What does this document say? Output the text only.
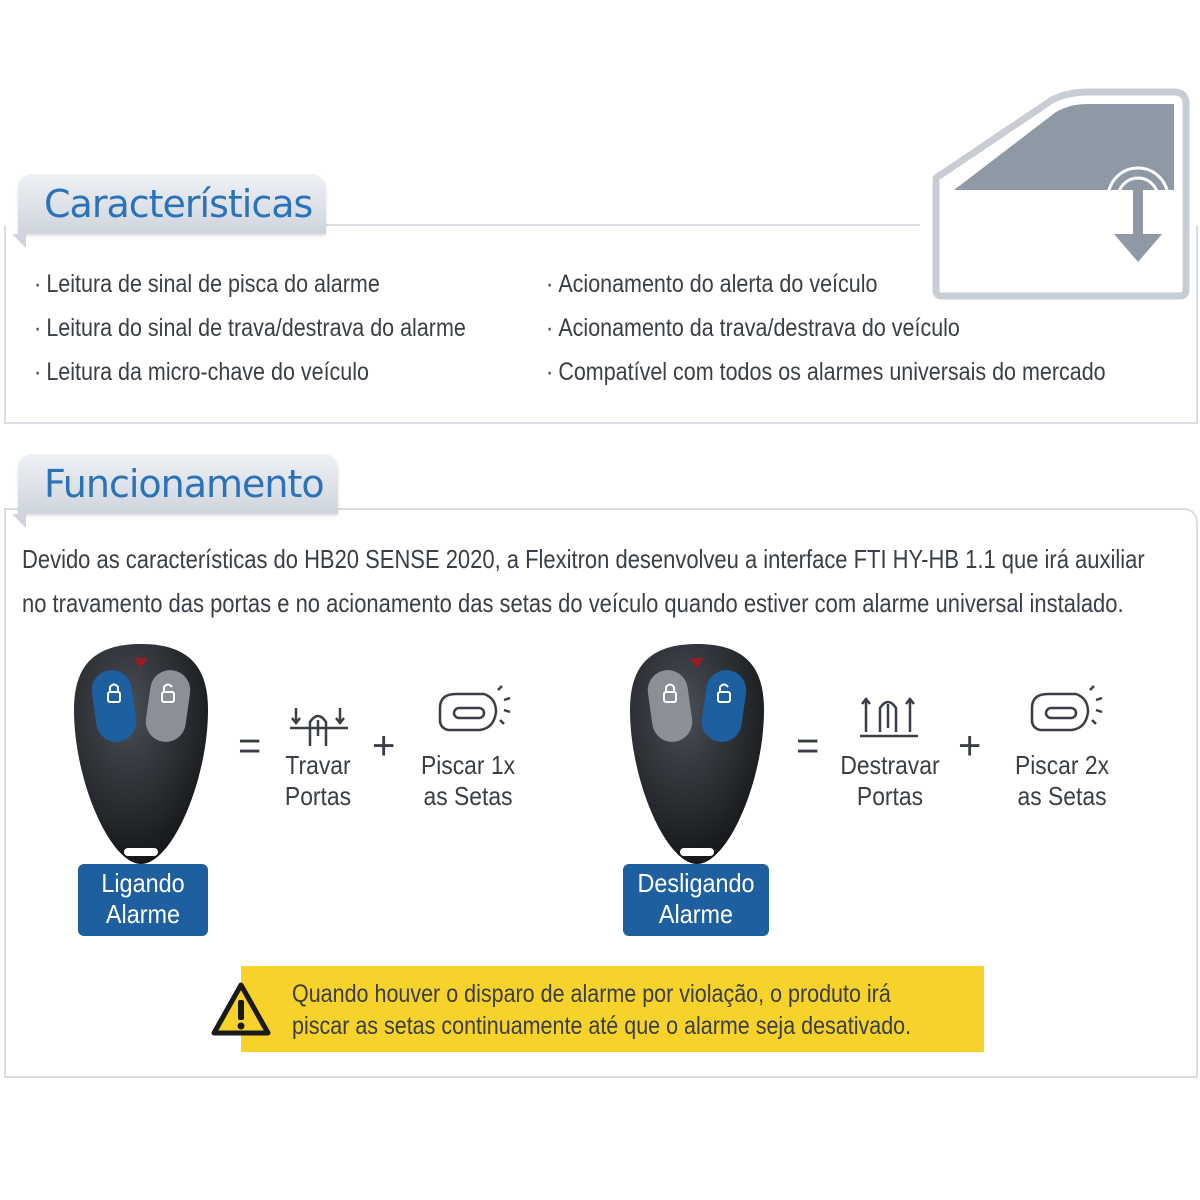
Características
· Leitura de sinal de pisca do alarme
· Leitura do sinal de trava/destrava do alarme
· Leitura da micro-chave do veículo
· Acionamento do alerta do veículo
· Acionamento da trava/destrava do veículo
· Compatível com todos os alarmes universais do mercado
Funcionamento
Devido as características do HB20 SENSE 2020, a Flexitron desenvolveu a interface FTI HY-HB 1.1 que irá auxiliar
no travamento das portas e no acionamento das setas do veículo quando estiver com alarme universal instalado.
Ligando
Alarme
= Travar
Portas
+ Piscar 1x
as Setas
Desligando
Alarme
= Destravar
Portas
+ Piscar 2x
as Setas
Quando houver o disparo de alarme por violação, o produto irá
piscar as setas continuamente até que o alarme seja desativado.
